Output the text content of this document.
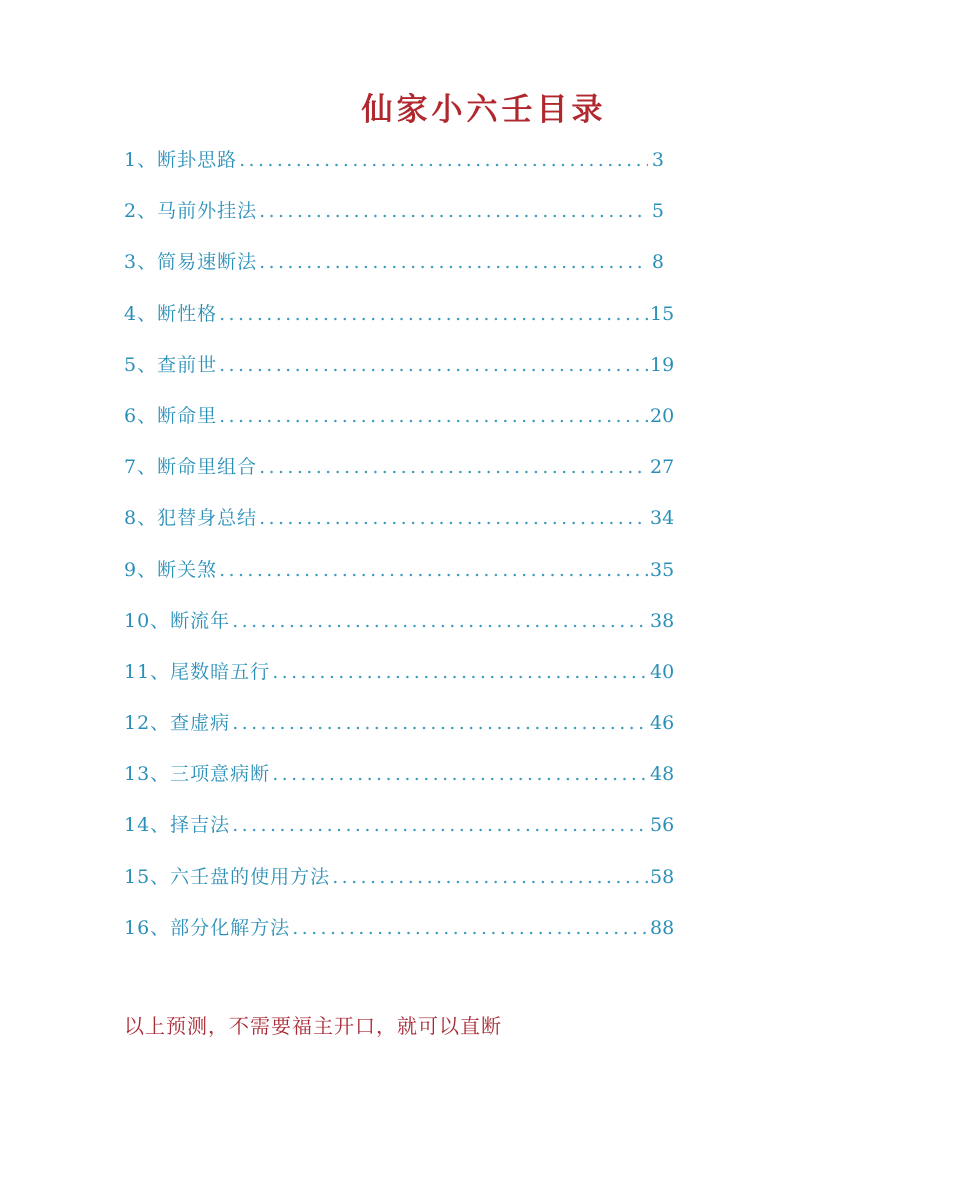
仙家小六壬目录
1、断卦思路 .....	3
2、马前外挂法 .....	5
3、简易速断法 .....	8
4、断性格 .....	15
5、查前世 .....	19
6、断命里 .....	20
7、断命里组合 .....	27
8、犯替身总结 .....	34
9、断关煞 .....	35
10、断流年 .....	38
11、尾数暗五行 .....	40
12、查虚病 .....	46
13、三项意病断 .....	48
14、择吉法 .....	56
15、六壬盘的使用方法 .....	58
16、部分化解方法 .....	88
以上预测，不需要福主开口，就可以直断
